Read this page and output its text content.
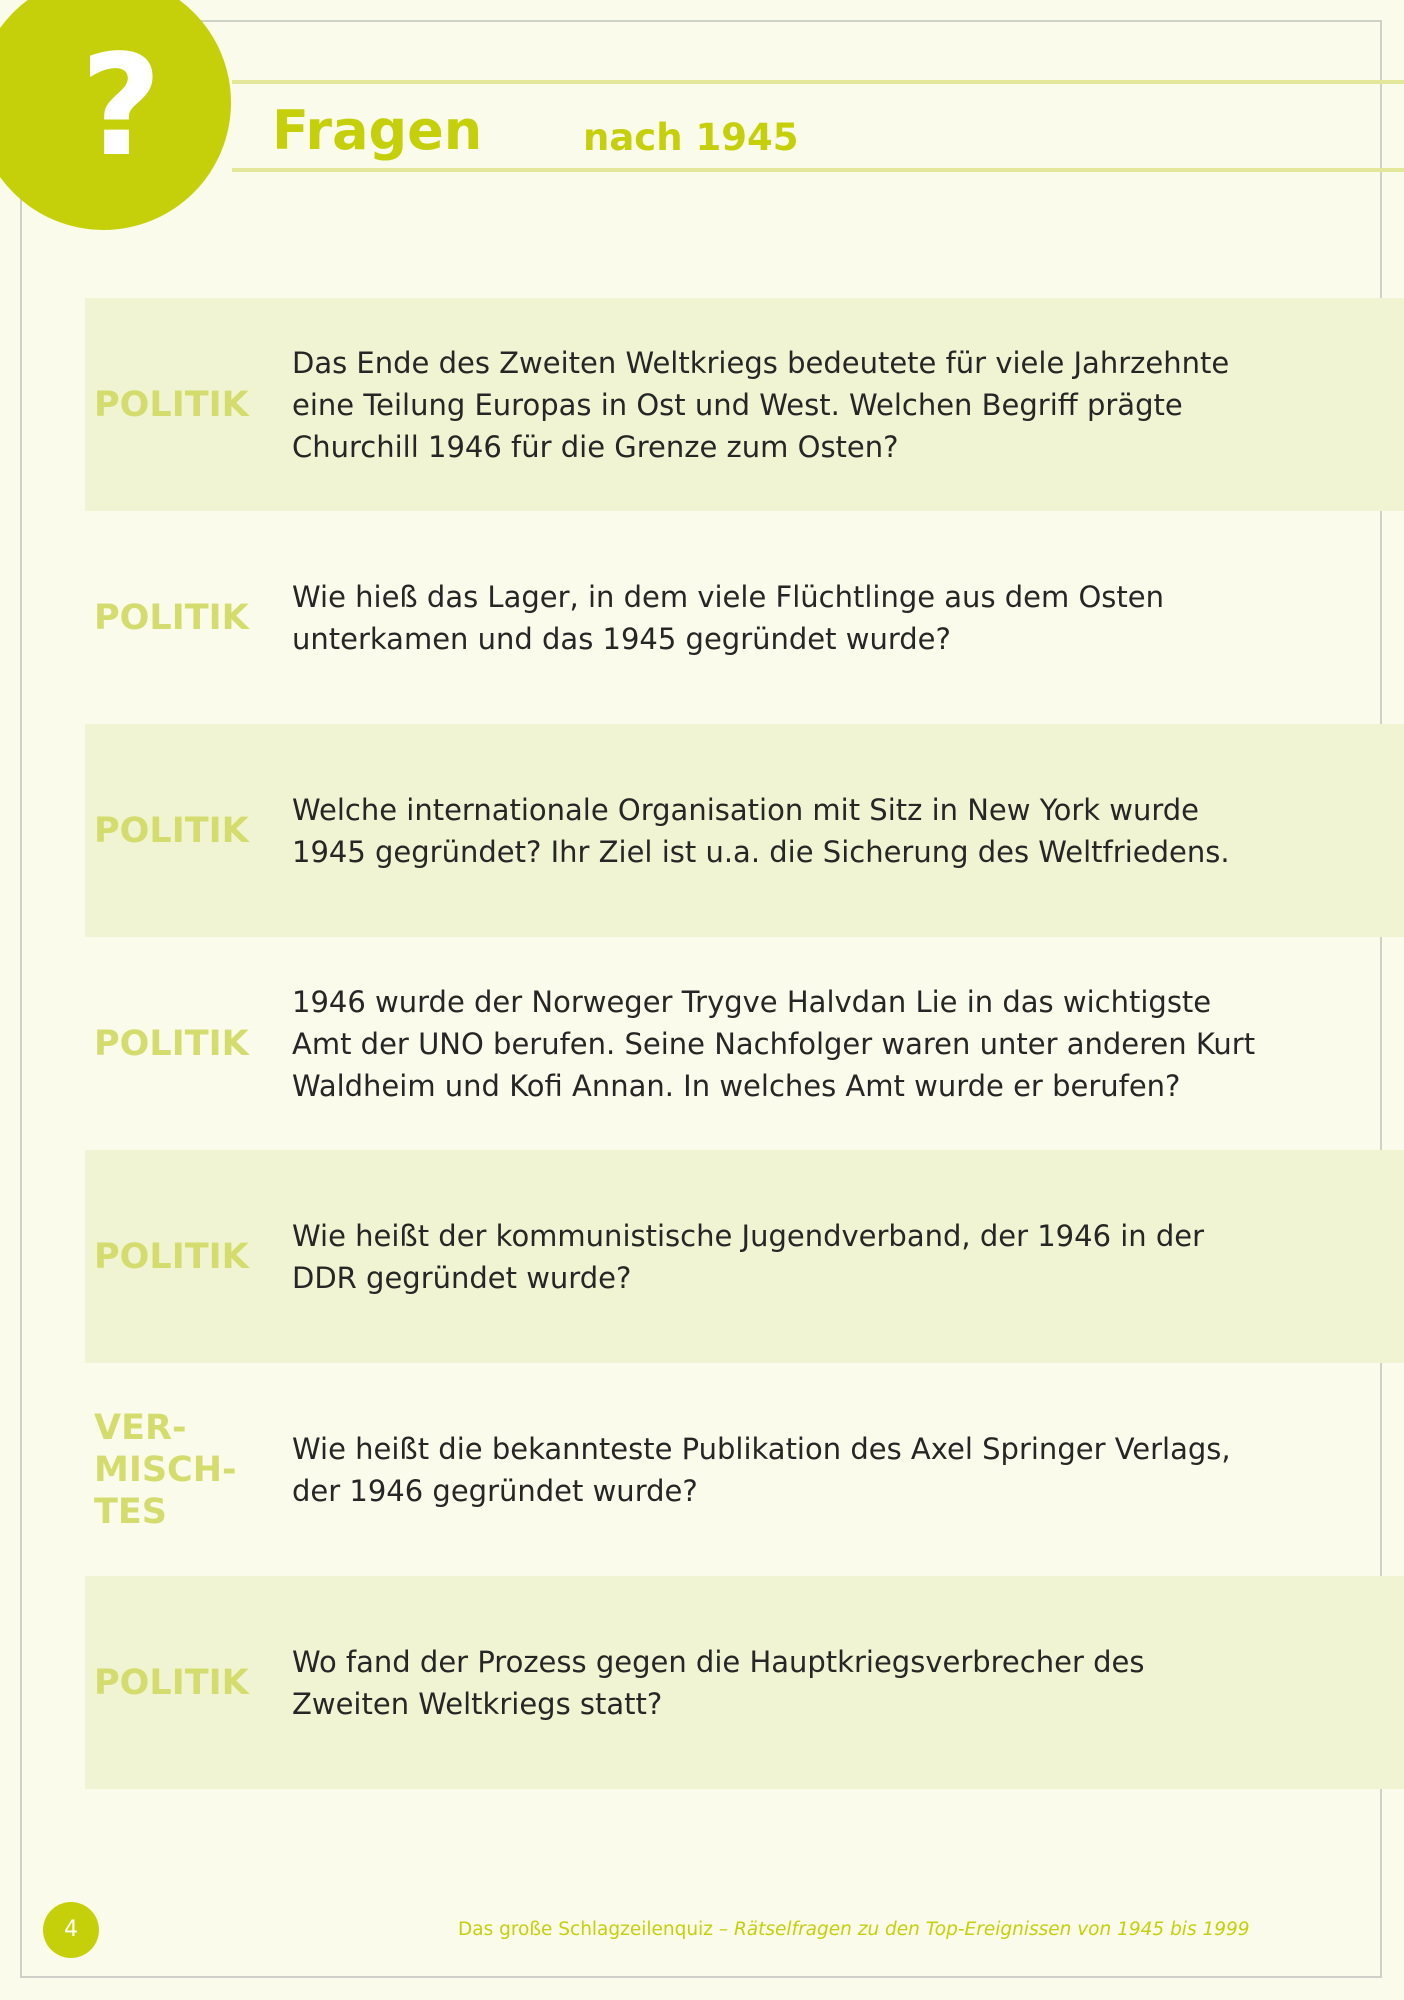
? Fragen	nach 1945
POLITIK
Das Ende des Zweiten Weltkriegs bedeutete für viele Jahrzehnte
eine Teilung Europas in Ost und West. Welchen Begriff prägte
Churchill 1946 für die Grenze zum Osten?
POLITIK
Wie hieß das Lager, in dem viele Flüchtlinge aus dem Osten
unterkamen und das 1945 gegründet wurde?
POLITIK
Welche internationale Organisation mit Sitz in New York wurde
1945 gegründet? Ihr Ziel ist u.a. die Sicherung des Weltfriedens.
POLITIK
1946 wurde der Norweger Trygve Halvdan Lie in das wichtigste
Amt der UNO berufen. Seine Nachfolger waren unter anderen Kurt
Waldheim und Kofi Annan. In welches Amt wurde er berufen?
POLITIK
Wie heißt der kommunistische Jugendverband, der 1946 in der
DDR gegründet wurde?
VER-
MISCH-
TES
Wie heißt die bekannteste Publikation des Axel Springer Verlags,
der 1946 gegründet wurde?
POLITIK
Wo fand der Prozess gegen die Hauptkriegsverbrecher des
Zweiten Weltkriegs statt?
4	Das große Schlagzeilenquiz – Rätselfragen zu den Top-Ereignissen von 1945 bis 1999
